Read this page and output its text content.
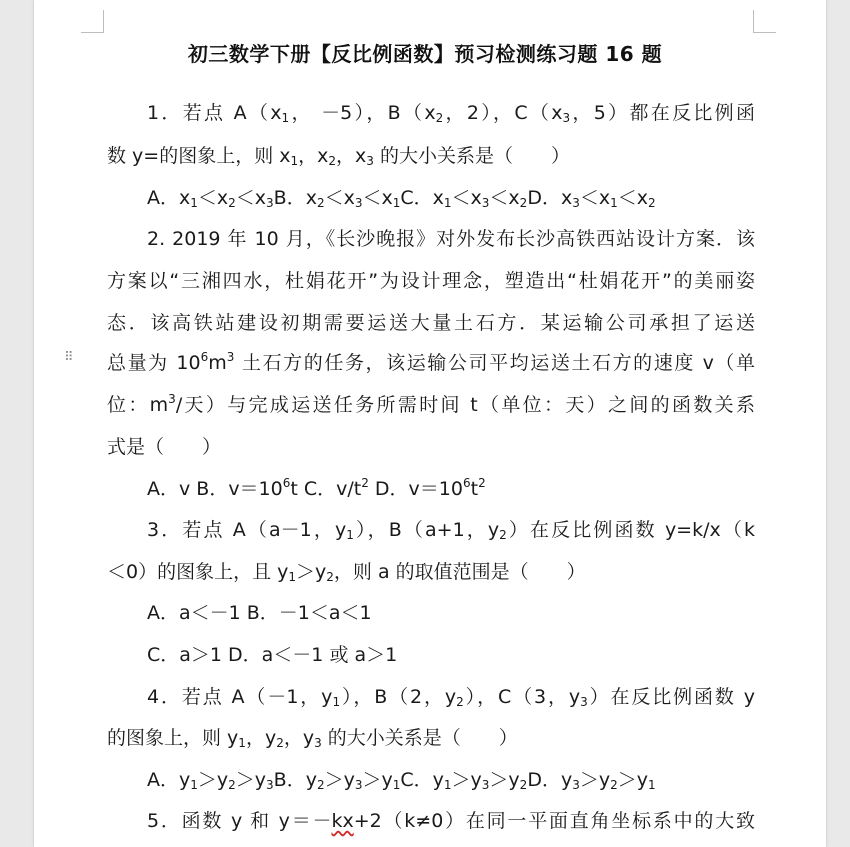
⠿
初三数学下册【反比例函数】预习检测练习题 16 题
1．若点 $A(x_1$， －5），$B(x_2$，2），$C(x_3$，5）都在反比例函
数 y=的图象上，则 $x_1$，$x_2$，$x_3$ 的大小关系是（　　）
A．$x_1<x_2<x_3B$．$x_2<x_3<x_1C$．$x_1<x_3<x_2D$．$x_3<x_1<x_2$
2. 2019 年 10 月，《长沙晚报》对外发布长沙高铁西站设计方案．该
方案以“三湘四水，杜娟花开”为设计理念，塑造出“杜娟花开”的美丽姿
态．该高铁站建设初期需要运送大量土石方．某运输公司承担了运送
总量为 $10^6m^3$ 土石方的任务，该运输公司平均运送土石方的速度 v（单
位：$m^3/$天）与完成运送任务所需时间 t（单位：天）之间的函数关系
式是（　　）
A．v B．$v=10^6t$ C．$v/t^2$ D．$v=10^6t^2$
3．若点 A（a－1，$y_1$），B（a+1，$y_2$）在反比例函数 y=k/x（k
＜0）的图象上，且 $y_1>y_2$，则 a 的取值范围是（　　）
A．a＜－1 B．－1＜a＜1
C．a＞1 D．a＜－1 或 a＞1
4．若点 A（－1，$y_1$），B（2，$y_2$），C（3，$y_3$）在反比例函数 y
的图象上，则 $y_1$，$y_2$，$y_3$ 的大小关系是（　　）
A．$y_1>y_2>y_3B$．$y_2>y_3>y_1C$．$y_1>y_3>y_2D$．$y_3>y_2>y_1$
5．函数 y 和 y＝－kx+2（k≠0）在同一平面直角坐标系中的大致
